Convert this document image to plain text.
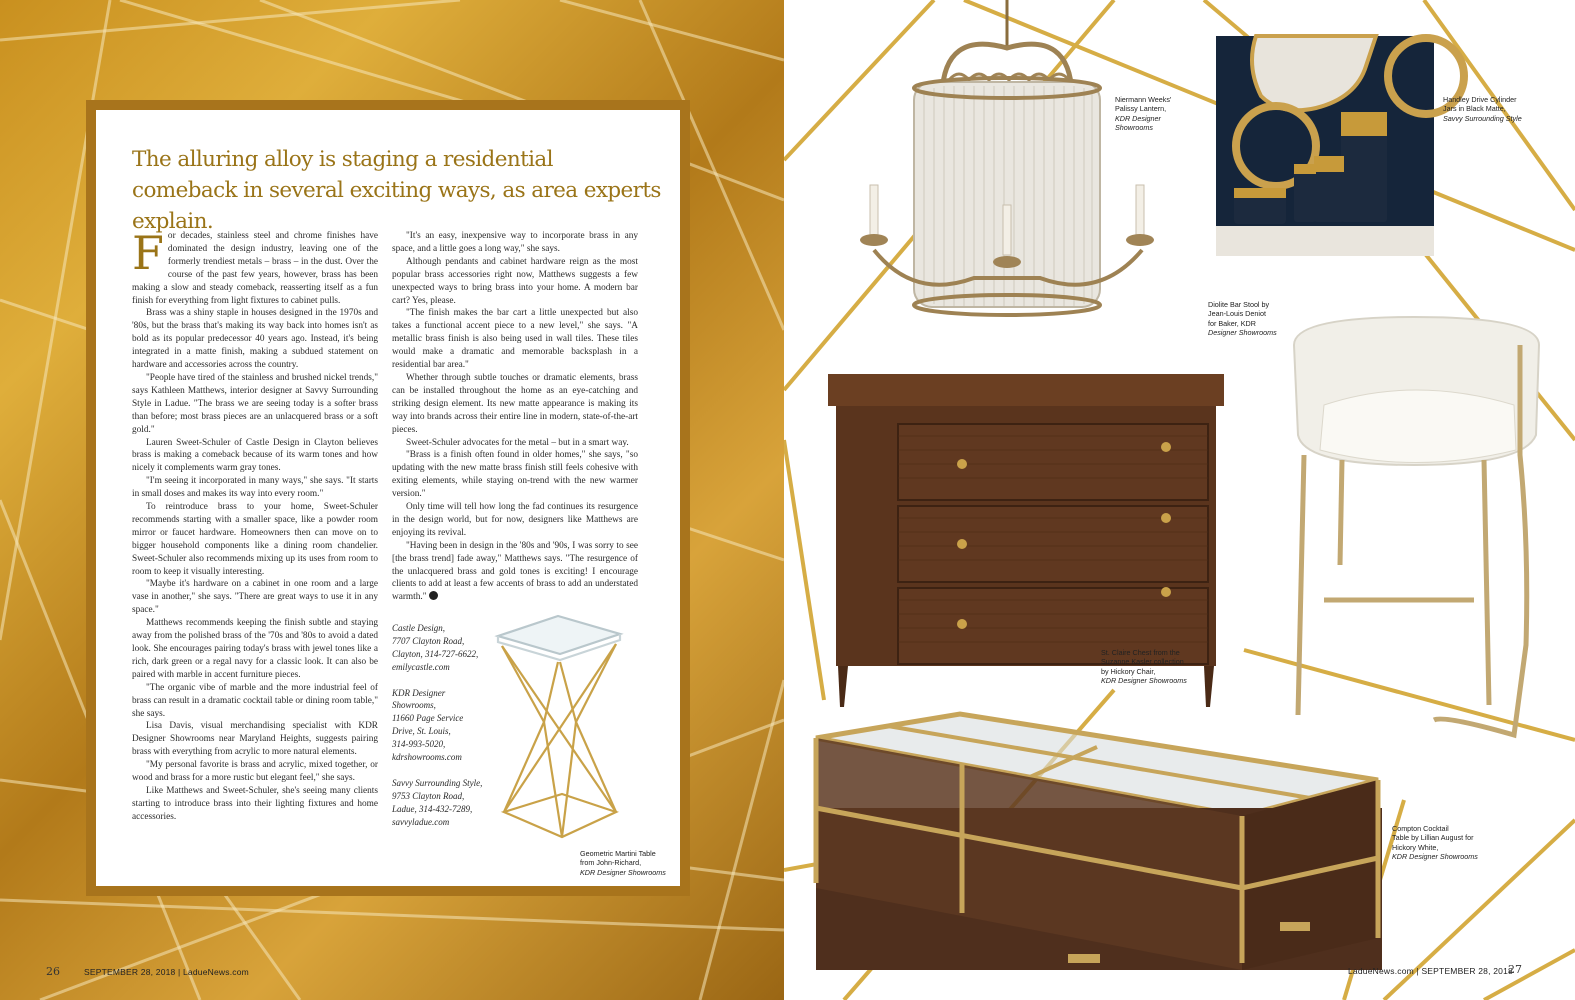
26	SEPTEMBER 28, 2018 | LadueNews.com
The alluring alloy is staging a residential comeback in several exciting ways, as area experts explain.

For decades, stainless steel and chrome finishes have dominated the design industry, leaving one of the formerly trendiest metals – brass – in the dust. Over the course of the past few years, however, brass has been making a slow and steady comeback, reasserting itself as a fun finish for everything from light fixtures to cabinet pulls.

Brass was a shiny staple in houses designed in the 1970s and '80s, but the brass that's making its way back into homes isn't as bold as its popular predecessor 40 years ago. Instead, it's being integrated in a matte finish, making a subdued statement on hardware and accessories across the country.

"People have tired of the stainless and brushed nickel trends," says Kathleen Matthews, interior designer at Savvy Surrounding Style in Ladue. "The brass we are seeing today is a softer brass than before; most brass pieces are an unlacquered brass or a soft gold."

Lauren Sweet-Schuler of Castle Design in Clayton believes brass is making a comeback because of its warm tones and how nicely it complements warm gray tones.

"I'm seeing it incorporated in many ways," she says. "It starts in small doses and makes its way into every room."

To reintroduce brass to your home, Sweet-Schuler recommends starting with a smaller space, like a powder room mirror or faucet hardware. Homeowners then can move on to bigger household components like a dining room chandelier. Sweet-Schuler also recommends mixing up its uses from room to room to keep it visually interesting.

"Maybe it's hardware on a cabinet in one room and a large vase in another," she says. "There are great ways to use it in any space."

Matthews recommends keeping the finish subtle and staying away from the polished brass of the '70s and '80s to avoid a dated look. She encourages pairing today's brass with jewel tones like a rich, dark green or a regal navy for a classic look. It can also be paired with marble in accent furniture pieces.

"The organic vibe of marble and the more industrial feel of brass can result in a dramatic cocktail table or dining room table," she says.

Lisa Davis, visual merchandising specialist with KDR Designer Showrooms near Maryland Heights, suggests pairing brass with everything from acrylic to more natural elements.

"My personal favorite is brass and acrylic, mixed together, or wood and brass for a more rustic but elegant feel," she says.

Like Matthews and Sweet-Schuler, she's seeing many clients starting to introduce brass into their lighting fixtures and home accessories.

"It's an easy, inexpensive way to incorporate brass in any space, and a little goes a long way," she says.

Although pendants and cabinet hardware reign as the most popular brass accessories right now, Matthews suggests a few unexpected ways to bring brass into your home. A modern bar cart? Yes, please.

"The finish makes the bar cart a little unexpected but also takes a functional accent piece to a new level," she says. "A metallic brass finish is also being used in wall tiles. These tiles would make a dramatic and memorable backsplash in a residential bar area."

Whether through subtle touches or dramatic elements, brass can be installed throughout the home as an eye-catching and striking design element. Its new matte appearance is making its way into brands across their entire line in modern, state-of-the-art pieces.

Sweet-Schuler advocates for the metal – but in a smart way.

"Brass is a finish often found in older homes," she says, "so updating with the new matte brass finish still feels cohesive with exiting elements, while staying on-trend with the new warmer version."

Only time will tell how long the fad continues its resurgence in the design world, but for now, designers like Matthews are enjoying its revival.

"Having been in design in the '80s and '90s, I was sorry to see [the brass trend] fade away," Matthews says. "The resurgence of the unlacquered brass and gold tones is exciting! I encourage clients to add at least a few accents of brass to add an understated warmth."

Castle Design,
7707 Clayton Road,
Clayton, 314-727-6622,
emilycastle.com
KDR Designer
Showrooms,
11660 Page Service
Drive, St. Louis,
314-993-5020,
kdrshowrooms.com
Savvy Surrounding Style,
9753 Clayton Road,
Ladue, 314-432-7289,
savvyladue.com
Geometric Martini Table
from John-Richard,
KDR Designer Showrooms
Niermann Weeks'
Palissy Lantern,
KDR Designer
Showrooms
Handley Drive Cylinder
Jars in Black Matte,
Savvy Surrounding Style
Diolite Bar Stool by
Jean-Louis Deniot
for Baker, KDR
Designer Showrooms
St. Claire Chest from the
Suzanne Kasler collection
by Hickory Chair,
KDR Designer Showrooms
Compton Cocktail
Table by Lillian August for
Hickory White,
KDR Designer Showrooms
LadueNews.com | SEPTEMBER 28, 2018
27
